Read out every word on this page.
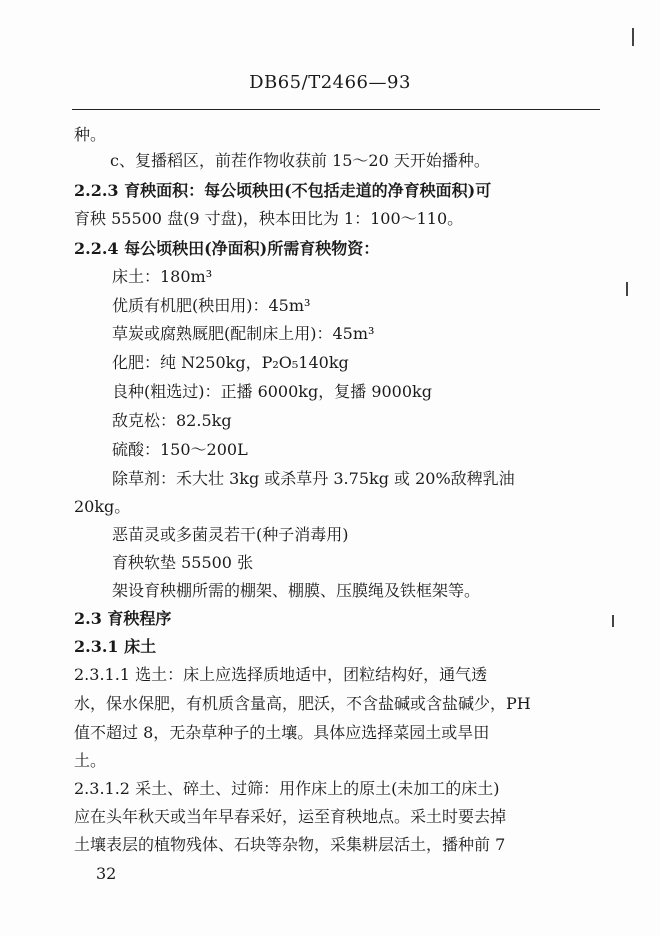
DB65/T2466—93
种。
c、复播稻区，前茬作物收获前 15～20 天开始播种。
2.2.3 育秧面积：每公顷秧田(不包括走道的净育秧面积)可
育秧 55500 盘(9 寸盘)，秧本田比为 1：100～110。
2.2.4 每公顷秧田(净面积)所需育秧物资：
床土：180m³
优质有机肥(秧田用)：45m³
草炭或腐熟厩肥(配制床上用)：45m³
化肥：纯 N250kg，P₂O₅140kg
良种(粗选过)：正播 6000kg，复播 9000kg
敌克松：82.5kg
硫酸：150～200L
除草剂：禾大壮 3kg 或杀草丹 3.75kg 或 20%敌稗乳油
20kg。
恶苗灵或多菌灵若干(种子消毒用)
育秧软垫 55500 张
架设育秧棚所需的棚架、棚膜、压膜绳及铁框架等。
2.3 育秧程序
2.3.1 床土
2.3.1.1 选土：床上应选择质地适中，团粒结构好，通气透
水，保水保肥，有机质含量高，肥沃，不含盐碱或含盐碱少，PH
值不超过 8，无杂草种子的土壤。具体应选择菜园土或旱田
土。
2.3.1.2 采土、碎土、过筛：用作床上的原土(未加工的床土)
应在头年秋天或当年早春采好，运至育秧地点。采土时要去掉
土壤表层的植物残体、石块等杂物，采集耕层活土，播种前 7
32
